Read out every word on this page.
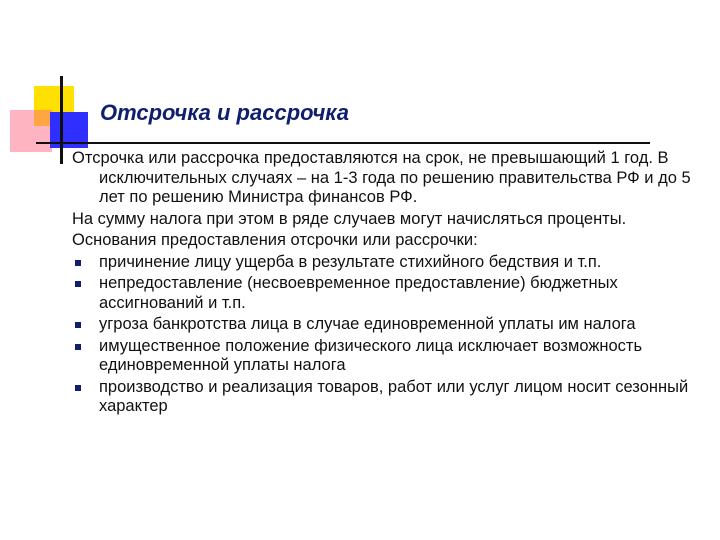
Отсрочка и рассрочка

Отсрочка или рассрочка предоставляются на срок, не превышающий 1 год. В исключительных случаях – на 1-3 года по решению правительства РФ и до 5 лет по решению Министра финансов РФ.

На сумму налога при этом в ряде случаев могут начисляться проценты.

Основания предоставления отсрочки или рассрочки:

причинение лицу ущерба в результате стихийного бедствия и т.п.
непредоставление (несвоевременное предоставление) бюджетных ассигнований и т.п.
угроза банкротства лица в случае единовременной уплаты им налога
имущественное положение физического лица исключает возможность единовременной уплаты налога
производство и реализация товаров, работ или услуг лицом носит сезонный характер
